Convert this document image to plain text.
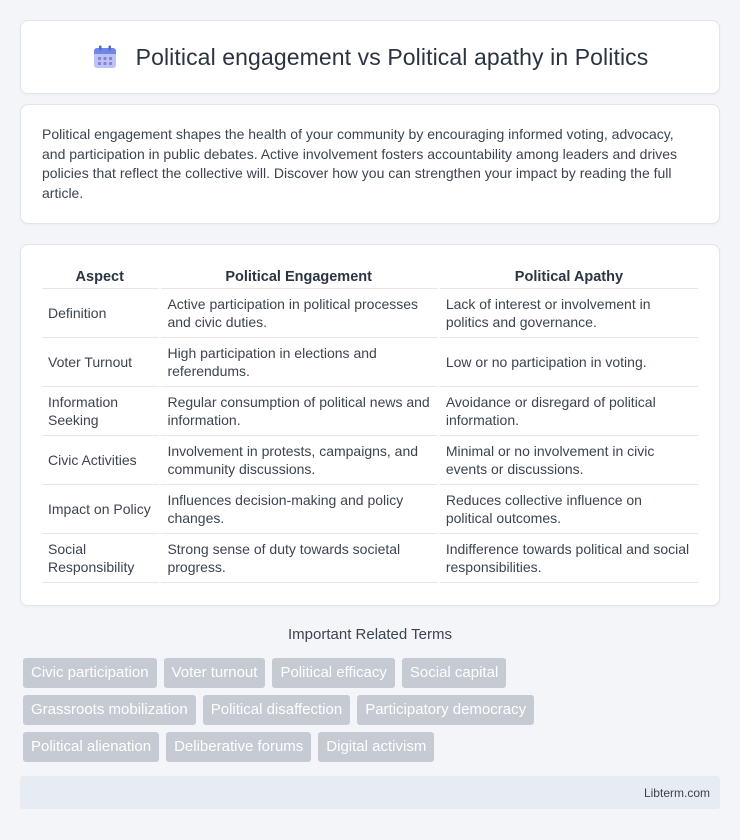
Political engagement vs Political apathy in Politics

Political engagement shapes the health of your community by encouraging informed voting, advocacy, and participation in public debates. Active involvement fosters accountability among leaders and drives policies that reflect the collective will. Discover how you can strengthen your impact by reading the full article.

Aspect	Political Engagement	Political Apathy
Definition	Active participation in political processes and civic duties.	Lack of interest or involvement in politics and governance.
Voter Turnout	High participation in elections and referendums.	Low or no participation in voting.
Information Seeking	Regular consumption of political news and information.	Avoidance or disregard of political information.
Civic Activities	Involvement in protests, campaigns, and community discussions.	Minimal or no involvement in civic events or discussions.
Impact on Policy	Influences decision-making and policy changes.	Reduces collective influence on political outcomes.
Social Responsibility	Strong sense of duty towards societal progress.	Indifference towards political and social responsibilities.
Important Related Terms
Civic participation	Voter turnout	Political efficacy	Social capital
Grassroots mobilization	Political disaffection	Participatory democracy
Political alienation	Deliberative forums	Digital activism
Libterm.com
